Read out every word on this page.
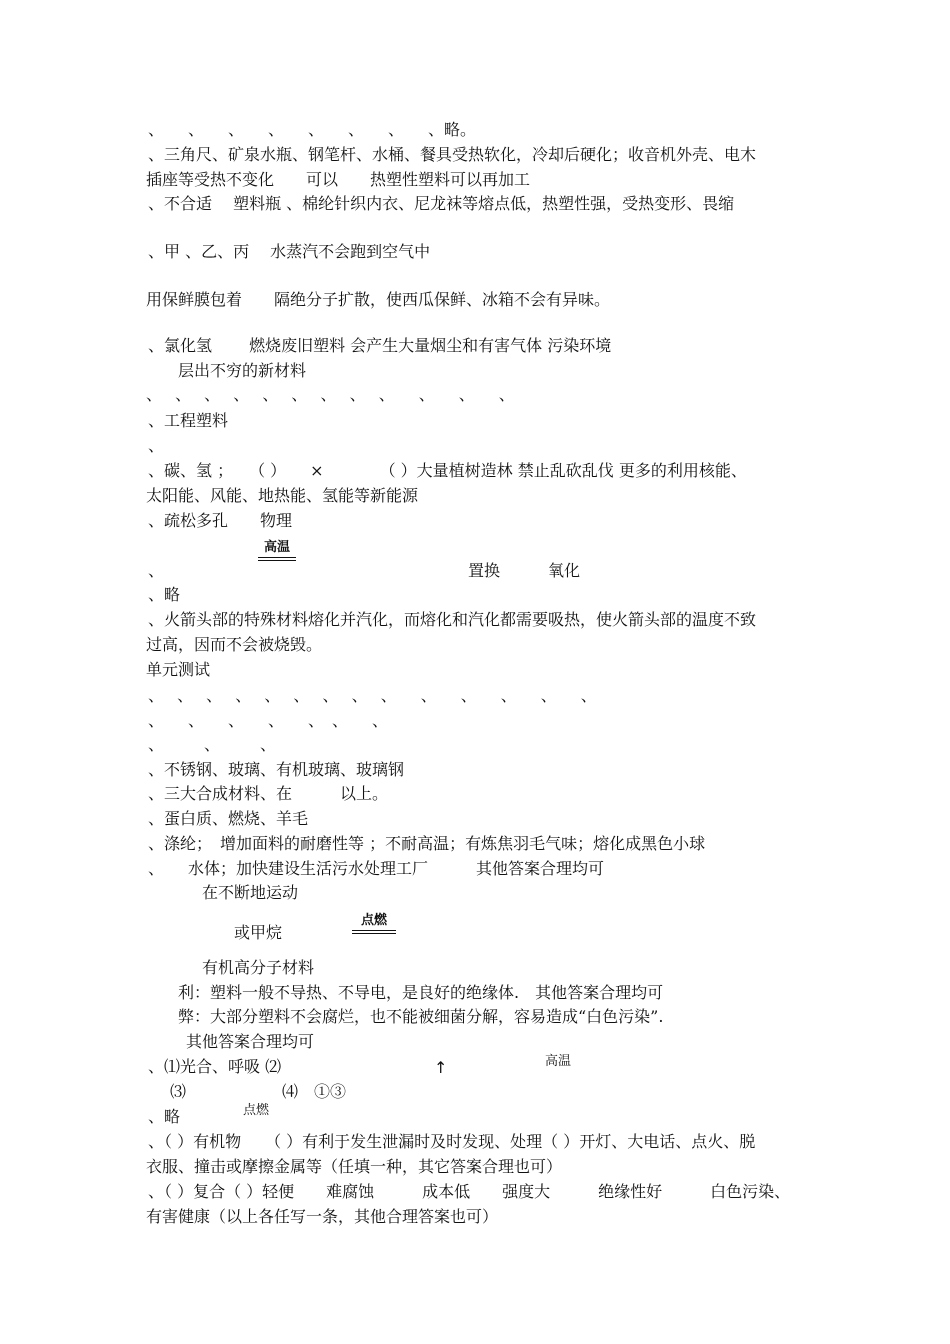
、　　、　　、　　、　　、　　、　　、　　、略。
、三角尺、矿泉水瓶、钢笔杆、水桶、餐具受热软化，冷却后硬化；收音机外壳、电木
插座等受热不变化　　可以　　热塑性塑料可以再加工
、不合适　 塑料瓶 、棉纶针织内衣、尼龙袜等熔点低，热塑性强，受热变形、畏缩
、甲 、乙、丙　 水蒸汽不会跑到空气中
用保鲜膜包着　　隔绝分子扩散，使西瓜保鲜、冰箱不会有异味。
、氯化氢　　 燃烧废旧塑料 会产生大量烟尘和有害气体 污染环境
层出不穷的新材料
、　 、　 、　 、　 、　 、　 、　 、　 、　　、　　、　　、
、工程塑料
、
、碳、氢 ；　　（ ）　　×　　　　（ ）大量植树造林 禁止乱砍乱伐 更多的利用核能、
太阳能、风能、地热能、氢能等新能源
、疏松多孔　　物理
高温
、	置换　　　氧化
、略
、火箭头部的特殊材料熔化并汽化，而熔化和汽化都需要吸热，使火箭头部的温度不致
过高，因而不会被烧毁。
单元测试
、　 、　 、　 、　 、　 、　 、　 、　 、　　、　　、　　、　　、　　、
、　　、　　、　　、　　、　、　　、
、　　　、　　　、
、不锈钢、玻璃、有机玻璃、玻璃钢
、三大合成材料、在　　　以上。
、蛋白质、燃烧、羊毛
、涤纶；　增加面料的耐磨性等 ；不耐高温；有炼焦羽毛气味；熔化成黑色小球
、　　水体；加快建设生活污水处理工厂　　　其他答案合理均可
在不断地运动
或甲烷
点燃
有机高分子材料
利：塑料一般不导热、不导电，是良好的绝缘体.　其他答案合理均可
弊：大部分塑料不会腐烂，也不能被细菌分解，容易造成“白色污染”.
其他答案合理均可
、⑴光合、呼吸 ⑵	↑	高温
⑶　　　　　　⑷　①③
、略	点燃
、（ ）有机物　　（ ）有利于发生泄漏时及时发现、处理（ ）开灯、大电话、点火、脱
衣服、撞击或摩擦金属等（任填一种，其它答案合理也可）
、（ ）复合（ ）轻便　　难腐蚀　　　成本低　　强度大　　　绝缘性好　　　白色污染、
有害健康（以上各任写一条，其他合理答案也可）
